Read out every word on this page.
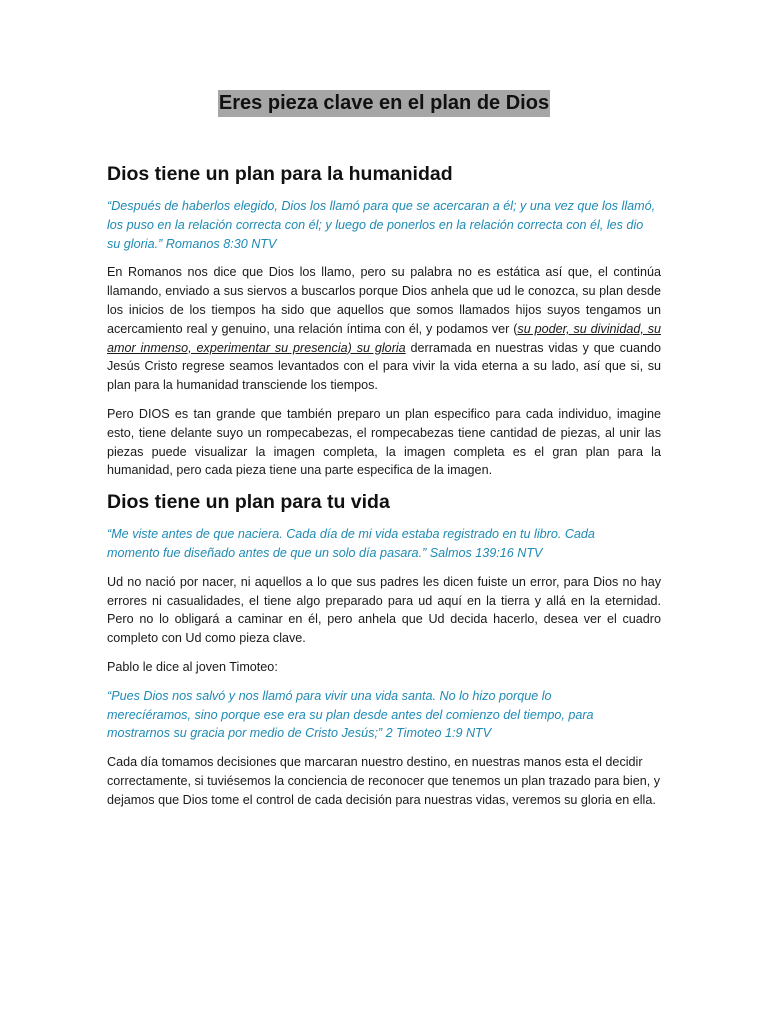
Eres pieza clave en el plan de Dios
Dios tiene un plan para la humanidad

“Después de haberlos elegido, Dios los llamó para que se acercaran a él; y una vez que los llamó, los puso en la relación correcta con él; y luego de ponerlos en la relación correcta con él, les dio su gloria.” Romanos 8:30 NTV

En Romanos nos dice que Dios los llamo, pero su palabra no es estática así que, el continúa llamando, enviado a sus siervos a buscarlos porque Dios anhela que ud le conozca, su plan desde los inicios de los tiempos ha sido que aquellos que somos llamados hijos suyos tengamos un acercamiento real y genuino, una relación íntima con él, y podamos ver (su poder, su divinidad, su amor inmenso, experimentar su presencia) su gloria derramada en nuestras vidas y que cuando Jesús Cristo regrese seamos levantados con el para vivir la vida eterna a su lado, así que si, su plan para la humanidad transciende los tiempos.

Pero DIOS es tan grande que también preparo un plan especifico para cada individuo, imagine esto, tiene delante suyo un rompecabezas, el rompecabezas tiene cantidad de piezas, al unir las piezas puede visualizar la imagen completa, la imagen completa es el gran plan para la humanidad, pero cada pieza tiene una parte especifica de la imagen.

Dios tiene un plan para tu vida

“Me viste antes de que naciera. Cada día de mi vida estaba registrado en tu libro. Cada momento fue diseñado antes de que un solo día pasara.” Salmos 139:16 NTV

Ud no nació por nacer, ni aquellos a lo que sus padres les dicen fuiste un error, para Dios no hay errores ni casualidades, el tiene algo preparado para ud aquí en la tierra y allá en la eternidad. Pero no lo obligará a caminar en él, pero anhela que Ud decida hacerlo, desea ver el cuadro completo con Ud como pieza clave.

Pablo le dice al joven Timoteo:

“Pues Dios nos salvó y nos llamó para vivir una vida santa. No lo hizo porque lo merecíéramos, sino porque ese era su plan desde antes del comienzo del tiempo, para mostrarnos su gracia por medio de Cristo Jesús;” 2 Timoteo 1:9 NTV

Cada día tomamos decisiones que marcaran nuestro destino, en nuestras manos esta el decidir correctamente, si tuviésemos la conciencia de reconocer que tenemos un plan trazado para bien, y dejamos que Dios tome el control de cada decisión para nuestras vidas, veremos su gloria en ella.
